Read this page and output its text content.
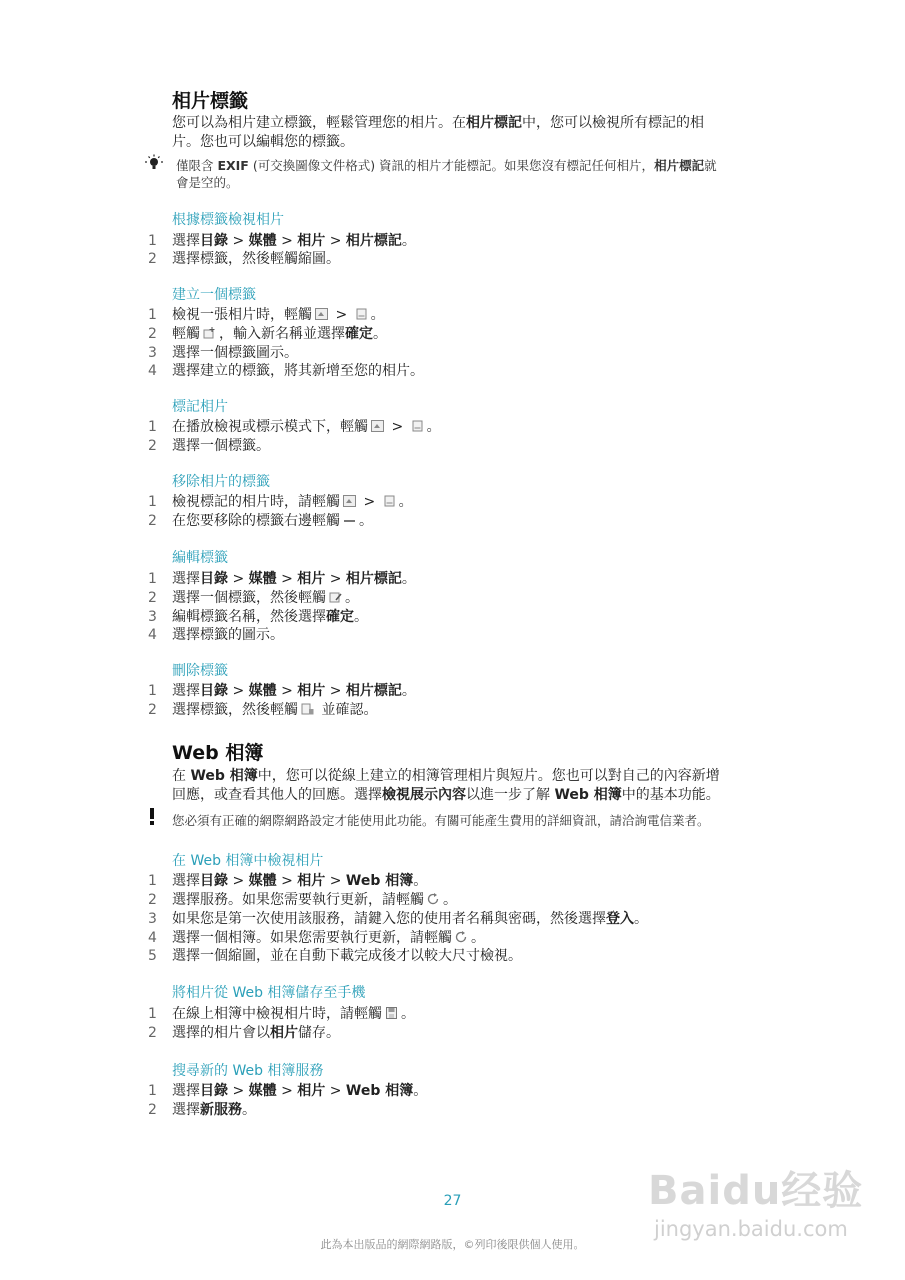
相片標籤
您可以為相片建立標籤，輕鬆管理您的相片。在相片標記中，您可以檢視所有標記的相
片。您也可以編輯您的標籤。
僅限含 EXIF (可交換圖像文件格式) 資訊的相片才能標記。如果您沒有標記任何相片，相片標記就
會是空的。
根據標籤檢視相片
1 選擇目錄 > 媒體 > 相片 > 相片標記。
2 選擇標籤，然後輕觸縮圖。
建立一個標籤
1 檢視一張相片時，輕觸 > 。
2 輕觸 ，輸入新名稱並選擇確定。
3 選擇一個標籤圖示。
4 選擇建立的標籤，將其新增至您的相片。
標記相片
1 在播放檢視或標示模式下，輕觸 > 。
2 選擇一個標籤。
移除相片的標籤
1 檢視標記的相片時，請輕觸 > 。
2 在您要移除的標籤右邊輕觸 。
編輯標籤
1 選擇目錄 > 媒體 > 相片 > 相片標記。
2 選擇一個標籤，然後輕觸 。
3 編輯標籤名稱，然後選擇確定。
4 選擇標籤的圖示。
刪除標籤
1 選擇目錄 > 媒體 > 相片 > 相片標記。
2 選擇標籤，然後輕觸 並確認。
Web 相簿
在 Web 相簿中，您可以從線上建立的相簿管理相片與短片。您也可以對自己的內容新增
回應，或查看其他人的回應。選擇檢視展示內容以進一步了解 Web 相簿中的基本功能。
您必須有正確的網際網路設定才能使用此功能。有關可能產生費用的詳細資訊，請洽詢電信業者。
在 Web 相簿中檢視相片
1 選擇目錄 > 媒體 > 相片 > Web 相簿。
2 選擇服務。如果您需要執行更新，請輕觸 。
3 如果您是第一次使用該服務，請鍵入您的使用者名稱與密碼，然後選擇登入。
4 選擇一個相簿。如果您需要執行更新，請輕觸 。
5 選擇一個縮圖，並在自動下載完成後才以較大尺寸檢視。
將相片從 Web 相簿儲存至手機
1 在線上相簿中檢視相片時，請輕觸 。
2 選擇的相片會以相片儲存。
搜尋新的 Web 相簿服務
1 選擇目錄 > 媒體 > 相片 > Web 相簿。
2 選擇新服務。
27
此為本出版品的網際網路版，©列印後限供個人使用。
Baidu经验
jingyan.baidu.com
